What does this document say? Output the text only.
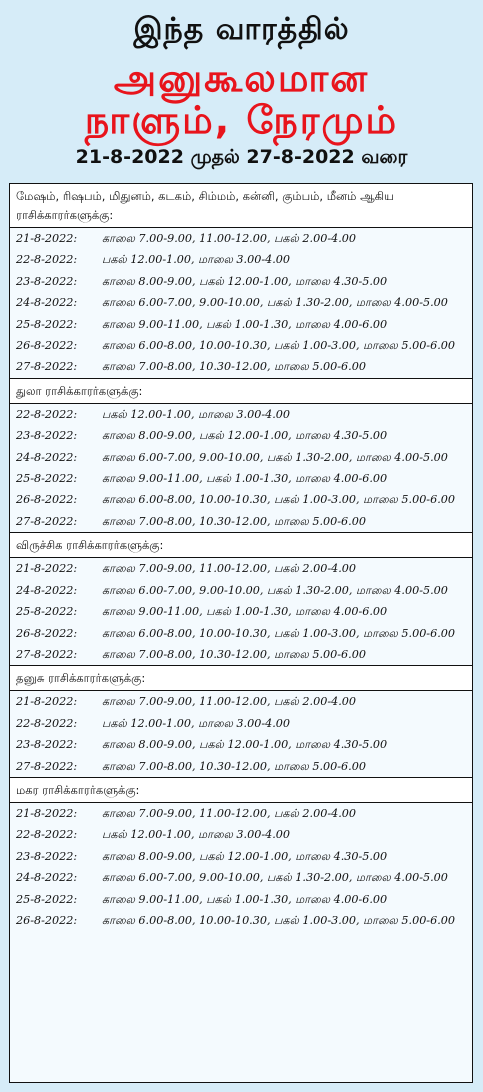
இந்த வாரத்தில்
அனுகூலமான
நாளும், நேரமும்
21-8-2022 முதல் 27-8-2022 வரை
மேஷம், ரிஷபம், மிதுனம், கடகம், சிம்மம், கன்னி, கும்பம், மீனம் ஆகிய ராசிக்காரர்களுக்கு:
21-8-2022:	காலை 7.00-9.00, 11.00-12.00, பகல் 2.00-4.00
22-8-2022:	பகல் 12.00-1.00, மாலை 3.00-4.00
23-8-2022:	காலை 8.00-9.00, பகல் 12.00-1.00, மாலை 4.30-5.00
24-8-2022:	காலை 6.00-7.00, 9.00-10.00, பகல் 1.30-2.00, மாலை 4.00-5.00
25-8-2022:	காலை 9.00-11.00, பகல் 1.00-1.30, மாலை 4.00-6.00
26-8-2022:	காலை 6.00-8.00, 10.00-10.30, பகல் 1.00-3.00, மாலை 5.00-6.00
27-8-2022:	காலை 7.00-8.00, 10.30-12.00, மாலை 5.00-6.00
துலா ராசிக்காரர்களுக்கு:
22-8-2022:	பகல் 12.00-1.00, மாலை 3.00-4.00
23-8-2022:	காலை 8.00-9.00, பகல் 12.00-1.00, மாலை 4.30-5.00
24-8-2022:	காலை 6.00-7.00, 9.00-10.00, பகல் 1.30-2.00, மாலை 4.00-5.00
25-8-2022:	காலை 9.00-11.00, பகல் 1.00-1.30, மாலை 4.00-6.00
26-8-2022:	காலை 6.00-8.00, 10.00-10.30, பகல் 1.00-3.00, மாலை 5.00-6.00
27-8-2022:	காலை 7.00-8.00, 10.30-12.00, மாலை 5.00-6.00
விருச்சிக ராசிக்காரர்களுக்கு:
21-8-2022:	காலை 7.00-9.00, 11.00-12.00, பகல் 2.00-4.00
24-8-2022:	காலை 6.00-7.00, 9.00-10.00, பகல் 1.30-2.00, மாலை 4.00-5.00
25-8-2022:	காலை 9.00-11.00, பகல் 1.00-1.30, மாலை 4.00-6.00
26-8-2022:	காலை 6.00-8.00, 10.00-10.30, பகல் 1.00-3.00, மாலை 5.00-6.00
27-8-2022:	காலை 7.00-8.00, 10.30-12.00, மாலை 5.00-6.00
தனுசு ராசிக்காரர்களுக்கு:
21-8-2022:	காலை 7.00-9.00, 11.00-12.00, பகல் 2.00-4.00
22-8-2022:	பகல் 12.00-1.00, மாலை 3.00-4.00
23-8-2022:	காலை 8.00-9.00, பகல் 12.00-1.00, மாலை 4.30-5.00
27-8-2022:	காலை 7.00-8.00, 10.30-12.00, மாலை 5.00-6.00
மகர ராசிக்காரர்களுக்கு:
21-8-2022:	காலை 7.00-9.00, 11.00-12.00, பகல் 2.00-4.00
22-8-2022:	பகல் 12.00-1.00, மாலை 3.00-4.00
23-8-2022:	காலை 8.00-9.00, பகல் 12.00-1.00, மாலை 4.30-5.00
24-8-2022:	காலை 6.00-7.00, 9.00-10.00, பகல் 1.30-2.00, மாலை 4.00-5.00
25-8-2022:	காலை 9.00-11.00, பகல் 1.00-1.30, மாலை 4.00-6.00
26-8-2022:	காலை 6.00-8.00, 10.00-10.30, பகல் 1.00-3.00, மாலை 5.00-6.00
